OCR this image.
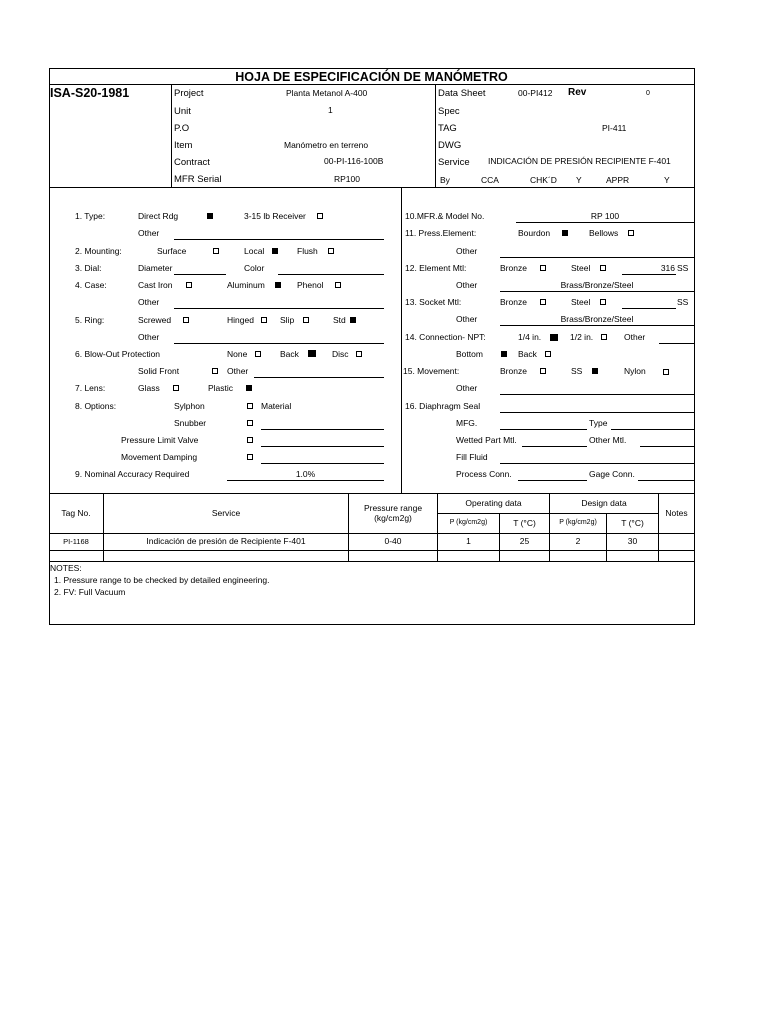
HOJA DE ESPECIFICACIÓN DE MANÓMETRO
ISA-S20-1981	Project	Planta Metanol A-400
Unit	1
P.O
Item	Manómetro en terreno
Contract	00-PI-116-100B
MFR Serial	RP100
Data Sheet	00-PI412 Rev	0
Spec
TAG	PI-411
DWG
Service INDICACIÓN DE PRESIÓN RECIPIENTE F-401
By	CCA	CHK´D Y	APPR	Y
1. Type:	Direct Rdg	3-15 lb Receiver
Other
2. Mounting:	Surface	Local	Flush
3. Dial:	Diameter	Color
4. Case:	Cast Iron	Aluminum	Phenol
Other
5. Ring:	Screwed	Hinged	Slip	Std
Other
6. Blow-Out Protection	None	Back	Disc
Solid Front	Other
7. Lens:	Glass	Plastic
8. Options:	Sylphon	Material
Snubber
Pressure Limit Valve
Movement Damping
9. Nominal Accuracy Required	1.0%
10.MFR.& Model No.	RP 100
11. Press.Element:	Bourdon	Bellows
Other
12. Element Mtl:	Bronze	Steel	316 SS
Other	Brass/Bronze/Steel
13. Socket Mtl:	Bronze	Steel	SS
Other	Brass/Bronze/Steel
14. Connection- NPT:	1/4 in.	1/2 in.	Other
Bottom	Back
15. Movement:	Bronze	SS	Nylon
Other
16. Diaphragm Seal
MFG.	Type
Wetted Part Mtl.	Other Mtl.
Fill Fluid
Process Conn.	Gage Conn.
Tag No.	Service	Pressure range
(kg/cm2g)
Operating data	Design data
Notes
P (kg/cm2g)	T (°C)	P (kg/cm2g)	T (°C)
PI-1168	Indicación de presión de Recipiente F-401	0-40	1	25	2	30
NOTES:
1. Pressure range to be checked by detailed engineering.
2. FV: Full Vacuum
